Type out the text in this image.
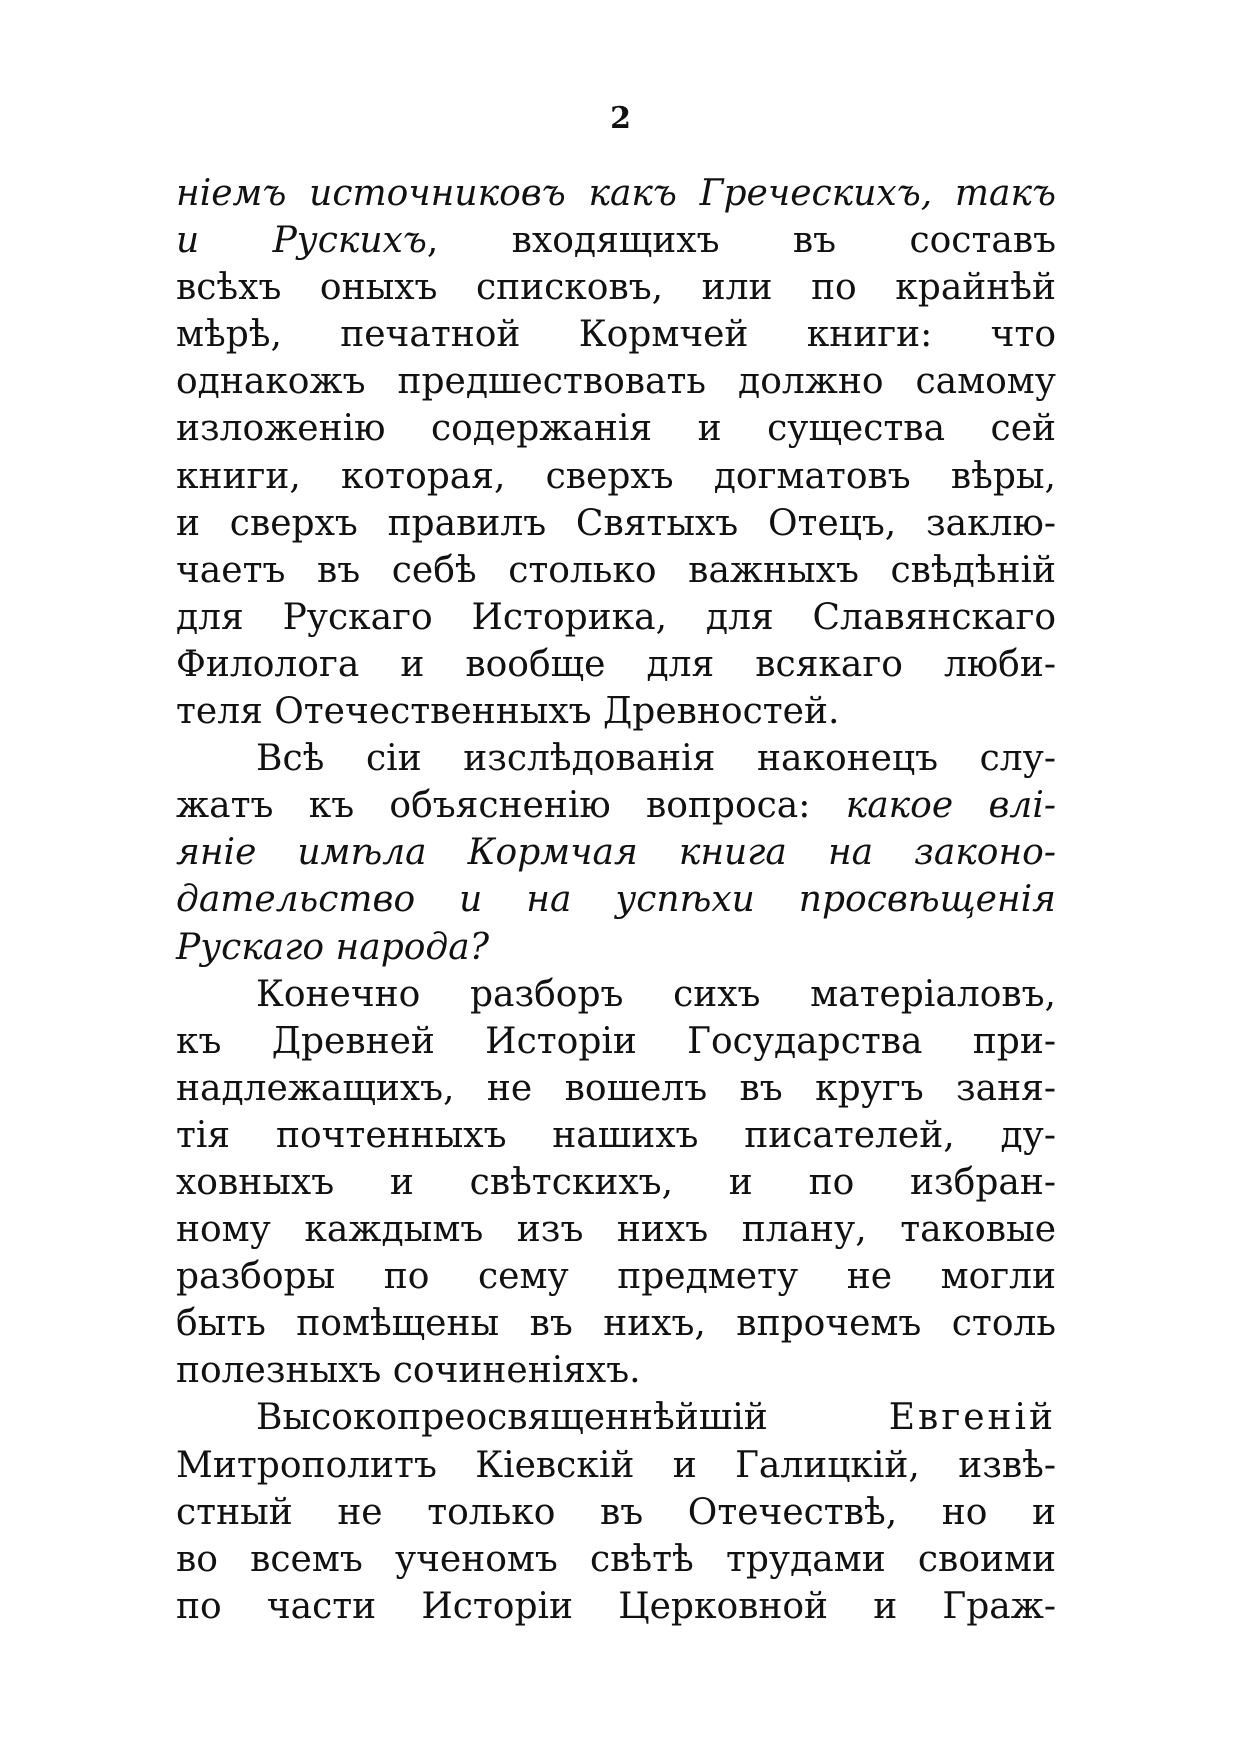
2
ніемъ источниковъ какъ Греческихъ, такъ
и Рускихъ, входящихъ въ составъ
всѣхъ оныхъ списковъ, или по крайнѣй
мѣрѣ, печатной Кормчей книги: что
однакожъ предшествовать должно самому
изложенію содержанія и существа сей
книги, которая, сверхъ догматовъ вѣры,
и сверхъ правилъ Святыхъ Отецъ, заклю-
чаетъ въ себѣ столько важныхъ свѣдѣній
для Рускаго Историка, для Славянскаго
Филолога и вообще для всякаго люби-
теля Отечественныхъ Древностей.
Всѣ сіи изслѣдованія наконецъ слу-
жатъ къ объясненію вопроса: какое влі-
яніе имѣла Кормчая книга на законо-
дательство и на успѣхи просвѣщенія
Рускаго народа?
Конечно разборъ сихъ матеріаловъ,
къ Древней Исторіи Государства при-
надлежащихъ, не вошелъ въ кругъ заня-
тія почтенныхъ нашихъ писателей, ду-
ховныхъ и свѣтскихъ, и по избран-
ному каждымъ изъ нихъ плану, таковые
разборы по сему предмету не могли
быть помѣщены въ нихъ, впрочемъ столь
полезныхъ сочиненіяхъ.
Высокопреосвященнѣйшій Евгеній
Митрополитъ Кіевскій и Галицкій, извѣ-
стный не только въ Отечествѣ, но и
во всемъ ученомъ свѣтѣ трудами своими
по части Исторіи Церковной и Граж-
